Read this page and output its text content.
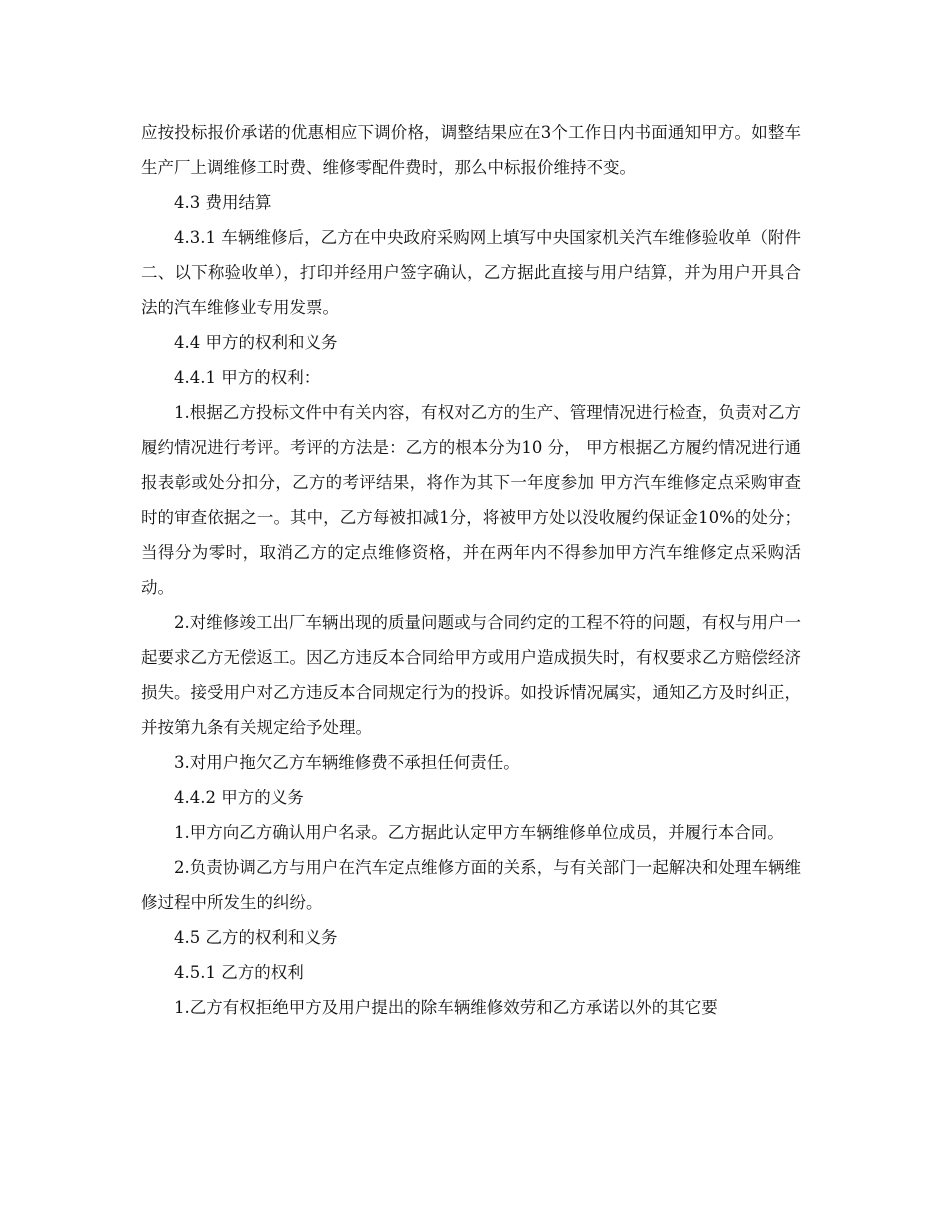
应按投标报价承诺的优惠相应下调价格，调整结果应在3个工作日内书面通知甲方。如整车生产厂上调维修工时费、维修零配件费时，那么中标报价维持不变。

4.3 费用结算

4.3.1 车辆维修后，乙方在中央政府采购网上填写中央国家机关汽车维修验收单（附件二、以下称验收单），打印并经用户签字确认，乙方据此直接与用户结算，并为用户开具合法的汽车维修业专用发票。

4.4 甲方的权利和义务

4.4.1 甲方的权利：

1.根据乙方投标文件中有关内容，有权对乙方的生产、管理情况进行检查，负责对乙方履约情况进行考评。考评的方法是：乙方的根本分为10 分， 甲方根据乙方履约情况进行通报表彰或处分扣分，乙方的考评结果，将作为其下一年度参加 甲方汽车维修定点采购审查时的审查依据之一。其中，乙方每被扣减1分，将被甲方处以没收履约保证金10%的处分；当得分为零时，取消乙方的定点维修资格，并在两年内不得参加甲方汽车维修定点采购活动。

2.对维修竣工出厂车辆出现的质量问题或与合同约定的工程不符的问题，有权与用户一起要求乙方无偿返工。因乙方违反本合同给甲方或用户造成损失时，有权要求乙方赔偿经济损失。接受用户对乙方违反本合同规定行为的投诉。如投诉情况属实，通知乙方及时纠正，并按第九条有关规定给予处理。

3.对用户拖欠乙方车辆维修费不承担任何责任。

4.4.2 甲方的义务

1.甲方向乙方确认用户名录。乙方据此认定甲方车辆维修单位成员，并履行本合同。

2.负责协调乙方与用户在汽车定点维修方面的关系，与有关部门一起解决和处理车辆维修过程中所发生的纠纷。

4.5 乙方的权利和义务

4.5.1 乙方的权利

1.乙方有权拒绝甲方及用户提出的除车辆维修效劳和乙方承诺以外的其它要
